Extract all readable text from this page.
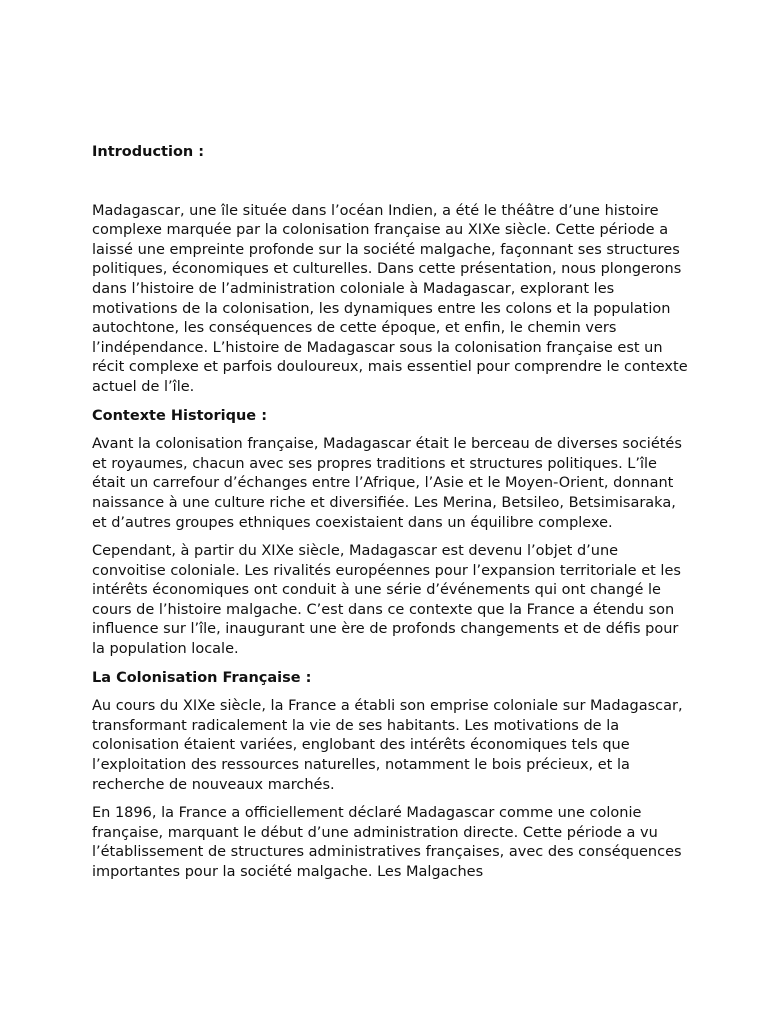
Introduction :

Madagascar, une île située dans l’océan Indien, a été le théâtre d’une histoire complexe marquée par la colonisation française au XIXe siècle. Cette période a laissé une empreinte profonde sur la société malgache, façonnant ses structures politiques, économiques et culturelles. Dans cette présentation, nous plongerons dans l’histoire de l’administration coloniale à Madagascar, explorant les motivations de la colonisation, les dynamiques entre les colons et la population autochtone, les conséquences de cette époque, et enfin, le chemin vers l’indépendance. L’histoire de Madagascar sous la colonisation française est un récit complexe et parfois douloureux, mais essentiel pour comprendre le contexte actuel de l’île.

Contexte Historique :

Avant la colonisation française, Madagascar était le berceau de diverses sociétés et royaumes, chacun avec ses propres traditions et structures politiques. L’île était un carrefour d’échanges entre l’Afrique, l’Asie et le Moyen-Orient, donnant naissance à une culture riche et diversifiée. Les Merina, Betsileo, Betsimisaraka, et d’autres groupes ethniques coexistaient dans un équilibre complexe.

Cependant, à partir du XIXe siècle, Madagascar est devenu l’objet d’une convoitise coloniale. Les rivalités européennes pour l’expansion territoriale et les intérêts économiques ont conduit à une série d’événements qui ont changé le cours de l’histoire malgache. C’est dans ce contexte que la France a étendu son influence sur l’île, inaugurant une ère de profonds changements et de défis pour la population locale.

La Colonisation Française :

Au cours du XIXe siècle, la France a établi son emprise coloniale sur Madagascar, transformant radicalement la vie de ses habitants. Les motivations de la colonisation étaient variées, englobant des intérêts économiques tels que l’exploitation des ressources naturelles, notamment le bois précieux, et la recherche de nouveaux marchés.

En 1896, la France a officiellement déclaré Madagascar comme une colonie française, marquant le début d’une administration directe. Cette période a vu l’établissement de structures administratives françaises, avec des conséquences importantes pour la société malgache. Les Malgaches
